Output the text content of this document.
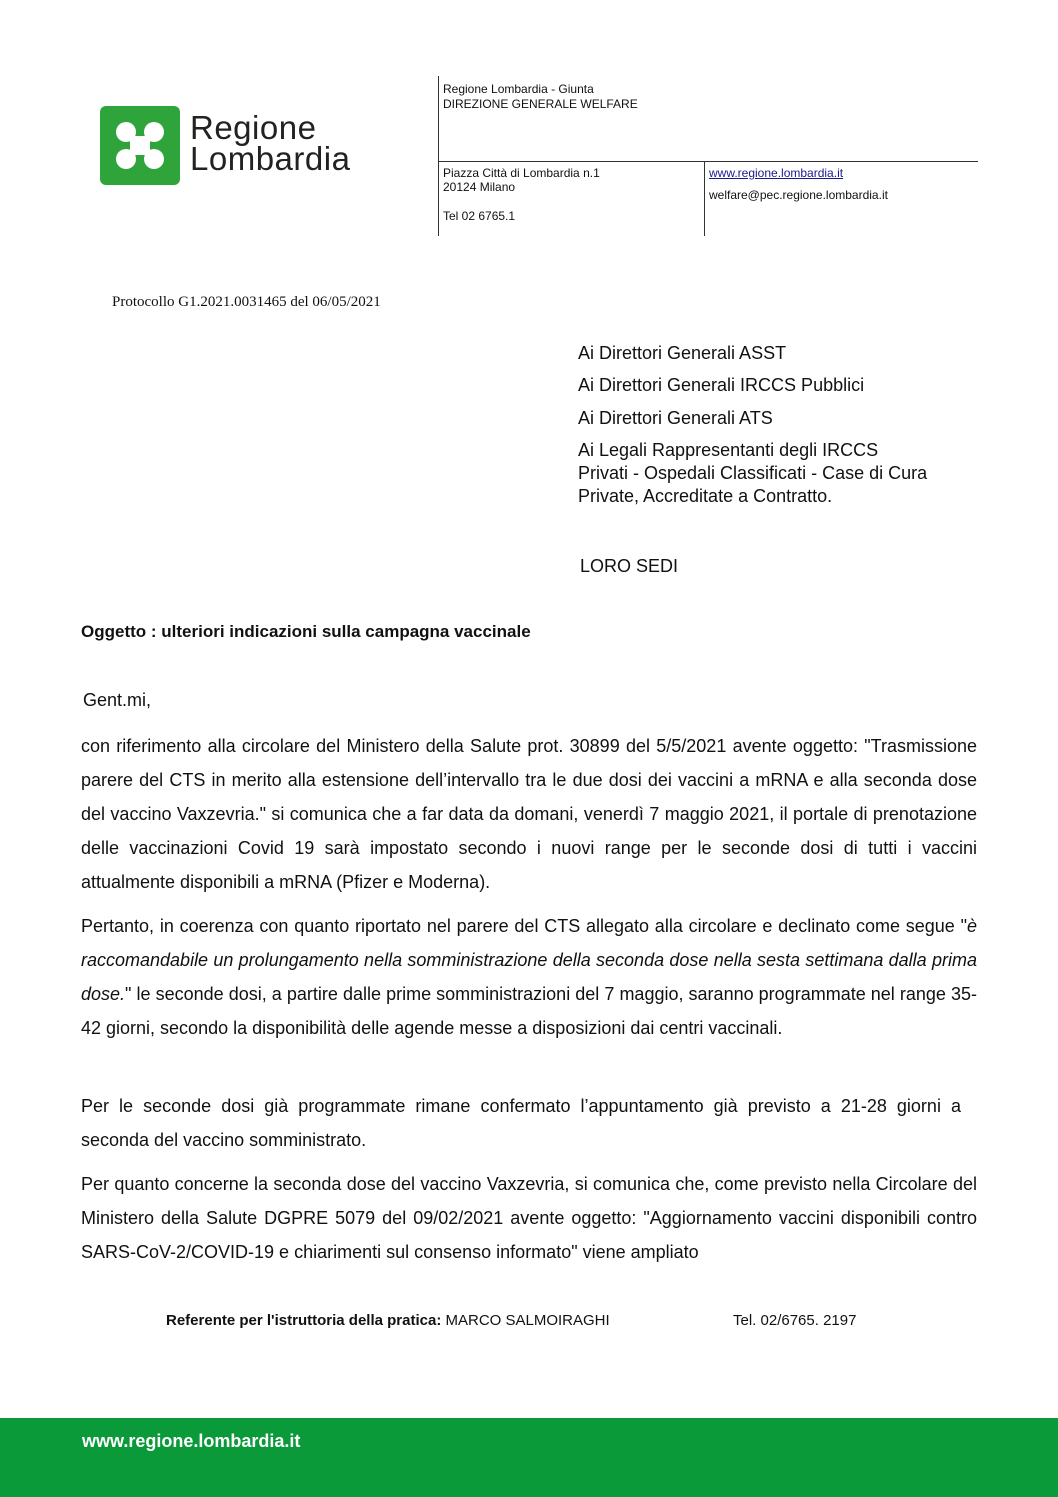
Regione
Lombardia
Regione Lombardia - Giunta
DIREZIONE GENERALE WELFARE
Piazza Città di Lombardia n.1
20124 Milano
Tel 02 6765.1
www.regione.lombardia.it
welfare@pec.regione.lombardia.it
Protocollo G1.2021.0031465 del 06/05/2021
Ai Direttori Generali ASST
Ai Direttori Generali IRCCS Pubblici
Ai Direttori Generali ATS
Ai Legali Rappresentanti degli IRCCS
Privati - Ospedali Classificati - Case di Cura
Private, Accreditate a Contratto.
LORO SEDI
Oggetto : ulteriori indicazioni sulla campagna vaccinale
Gent.mi,

con riferimento alla circolare del Ministero della Salute prot. 30899 del 5/5/2021 avente oggetto: "Trasmissione parere del CTS in merito alla estensione dell’intervallo tra le due dosi dei vaccini a mRNA e alla seconda dose del vaccino Vaxzevria." si comunica che a far data da domani, venerdì 7 maggio 2021, il portale di prenotazione delle vaccinazioni Covid 19 sarà impostato secondo i nuovi range per le seconde dosi di tutti i vaccini attualmente disponibili a mRNA (Pfizer e Moderna).

Pertanto, in coerenza con quanto riportato nel parere del CTS allegato alla circolare e declinato come segue "è raccomandabile un prolungamento nella somministrazione della seconda dose nella sesta settimana dalla prima dose." le seconde dosi, a partire dalle prime somministrazioni del 7 maggio, saranno programmate nel range 35-42 giorni, secondo la disponibilità delle agende messe a disposizioni dai centri vaccinali.

Per le seconde dosi già programmate rimane confermato l’appuntamento già previsto a 21-28 giorni a seconda del vaccino somministrato.

Per quanto concerne la seconda dose del vaccino Vaxzevria, si comunica che, come previsto nella Circolare del Ministero della Salute DGPRE 5079 del 09/02/2021 avente oggetto: "Aggiornamento vaccini disponibili contro SARS-CoV-2/COVID-19 e chiarimenti sul consenso informato" viene ampliato

Referente per l'istruttoria della pratica: MARCO SALMOIRAGHI	Tel. 02/6765. 2197
www.regione.lombardia.it
